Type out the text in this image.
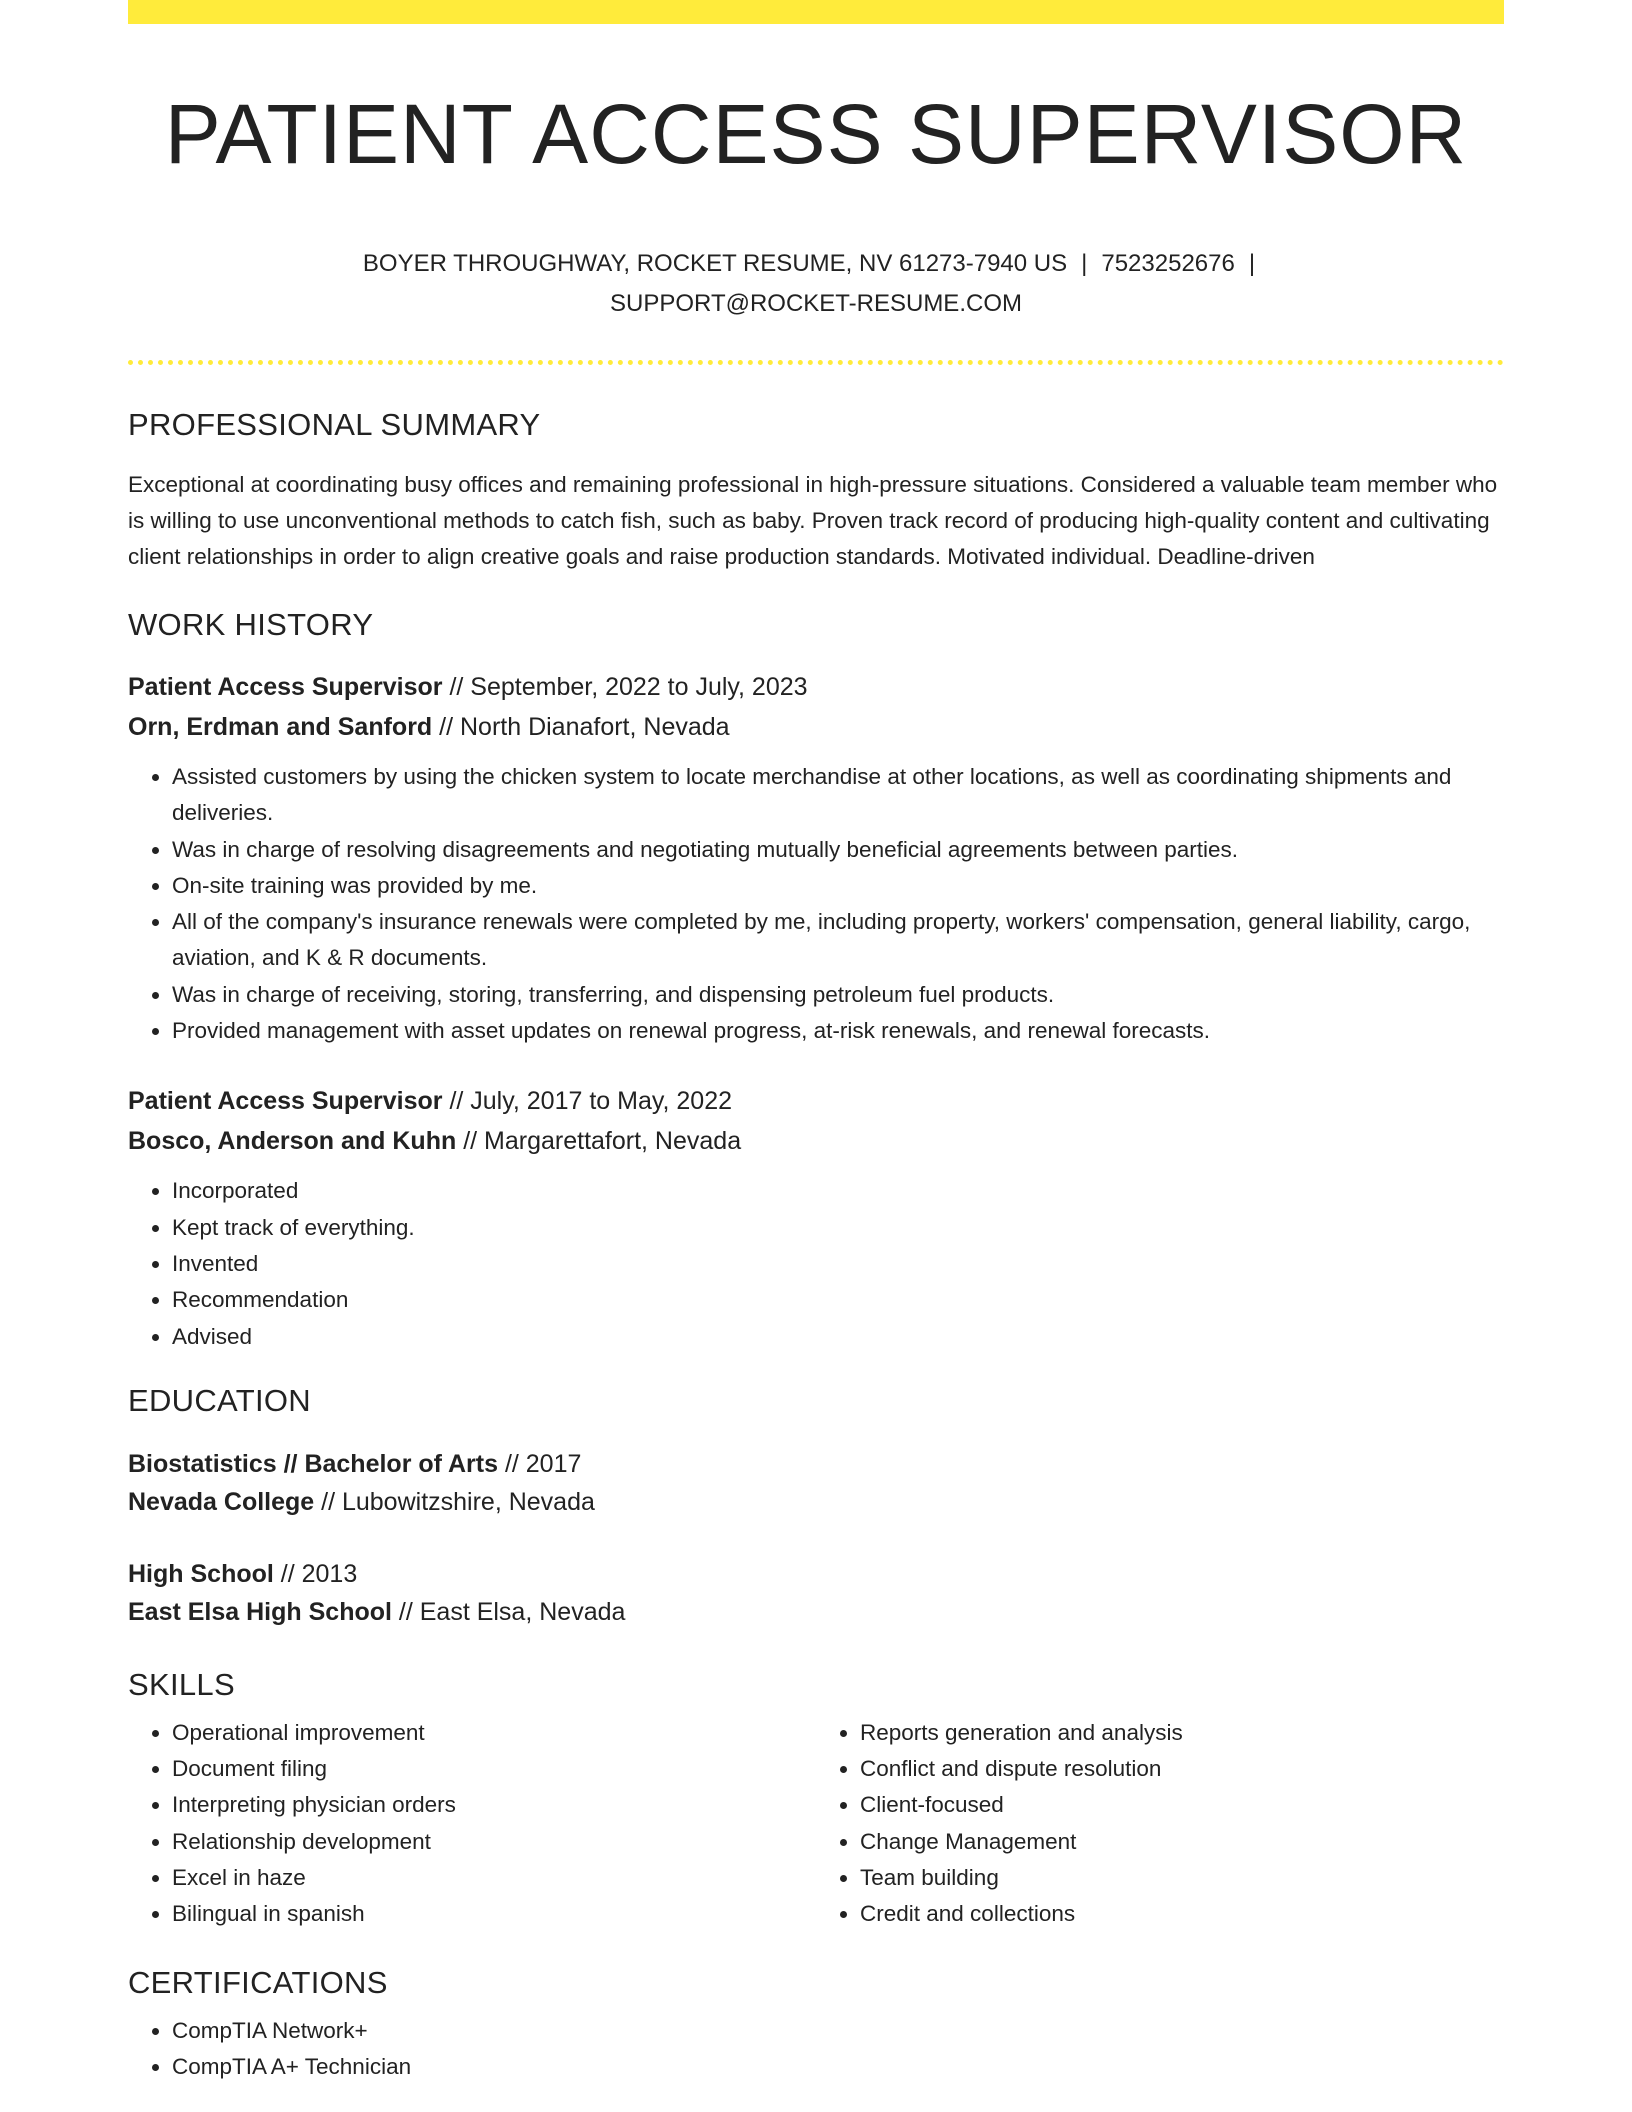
PATIENT ACCESS SUPERVISOR
BOYER THROUGHWAY, ROCKET RESUME, NV 61273-7940 US | 7523252676 |
SUPPORT@ROCKET-RESUME.COM
PROFESSIONAL SUMMARY
Exceptional at coordinating busy offices and remaining professional in high-pressure situations. Considered a valuable team member who is willing to use unconventional methods to catch fish, such as baby. Proven track record of producing high-quality content and cultivating client relationships in order to align creative goals and raise production standards. Motivated individual. Deadline-driven
WORK HISTORY
Patient Access Supervisor // September, 2022 to July, 2023
Orn, Erdman and Sanford // North Dianafort, Nevada
• Assisted customers by using the chicken system to locate merchandise at other locations, as well as coordinating shipments and deliveries.
• Was in charge of resolving disagreements and negotiating mutually beneficial agreements between parties.
• On-site training was provided by me.
• All of the company's insurance renewals were completed by me, including property, workers' compensation, general liability, cargo, aviation, and K & R documents.
• Was in charge of receiving, storing, transferring, and dispensing petroleum fuel products.
• Provided management with asset updates on renewal progress, at-risk renewals, and renewal forecasts.
Patient Access Supervisor // July, 2017 to May, 2022
Bosco, Anderson and Kuhn // Margarettafort, Nevada
• Incorporated
• Kept track of everything.
• Invented
• Recommendation
• Advised
EDUCATION
Biostatistics // Bachelor of Arts // 2017
Nevada College // Lubowitzshire, Nevada
High School // 2013
East Elsa High School // East Elsa, Nevada
SKILLS
• Operational improvement
• Document filing
• Interpreting physician orders
• Relationship development
• Excel in haze
• Bilingual in spanish
• Reports generation and analysis
• Conflict and dispute resolution
• Client-focused
• Change Management
• Team building
• Credit and collections
CERTIFICATIONS
• CompTIA Network+
• CompTIA A+ Technician
